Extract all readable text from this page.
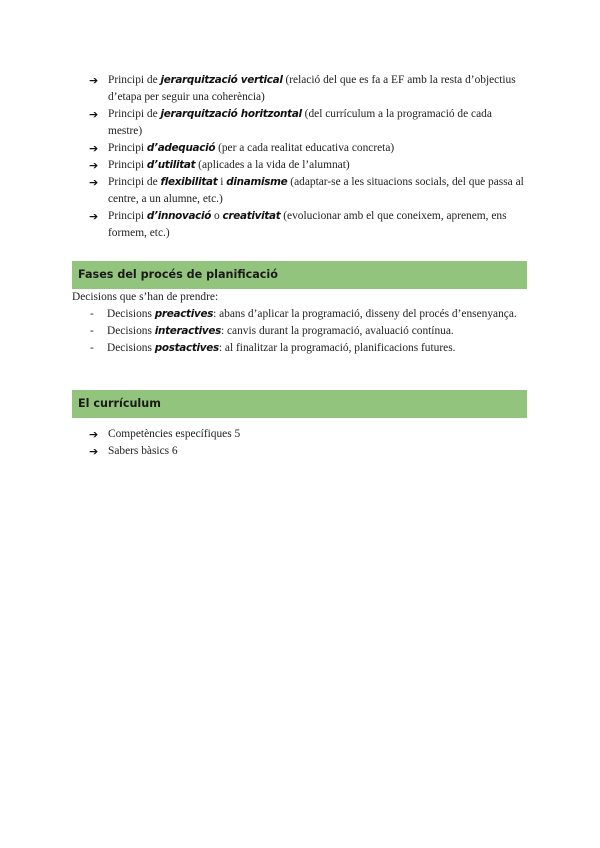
➔ Principi de jerarquització vertical (relació del que es fa a EF amb la resta d’objectius d’etapa per seguir una coherència)
➔ Principi de jerarquització horitzontal (del currículum a la programació de cada mestre)
➔ Principi d’adequació (per a cada realitat educativa concreta)
➔ Principi d’utilitat (aplicades a la vida de l’alumnat)
➔ Principi de flexibilitat i dinamisme (adaptar-se a les situacions socials, del que passa al centre, a un alumne, etc.)
➔ Principi d’innovació o creativitat (evolucionar amb el que coneixem, aprenem, ens formem, etc.)
Fases del procés de planificació
Decisions que s’han de prendre:
- Decisions preactives: abans d’aplicar la programació, disseny del procés d’ensenyança.
- Decisions interactives: canvis durant la programació, avaluació contínua.
- Decisions postactives: al finalitzar la programació, planificacions futures.
El currículum
➔ Competències específiques 5
➔ Sabers bàsics 6
